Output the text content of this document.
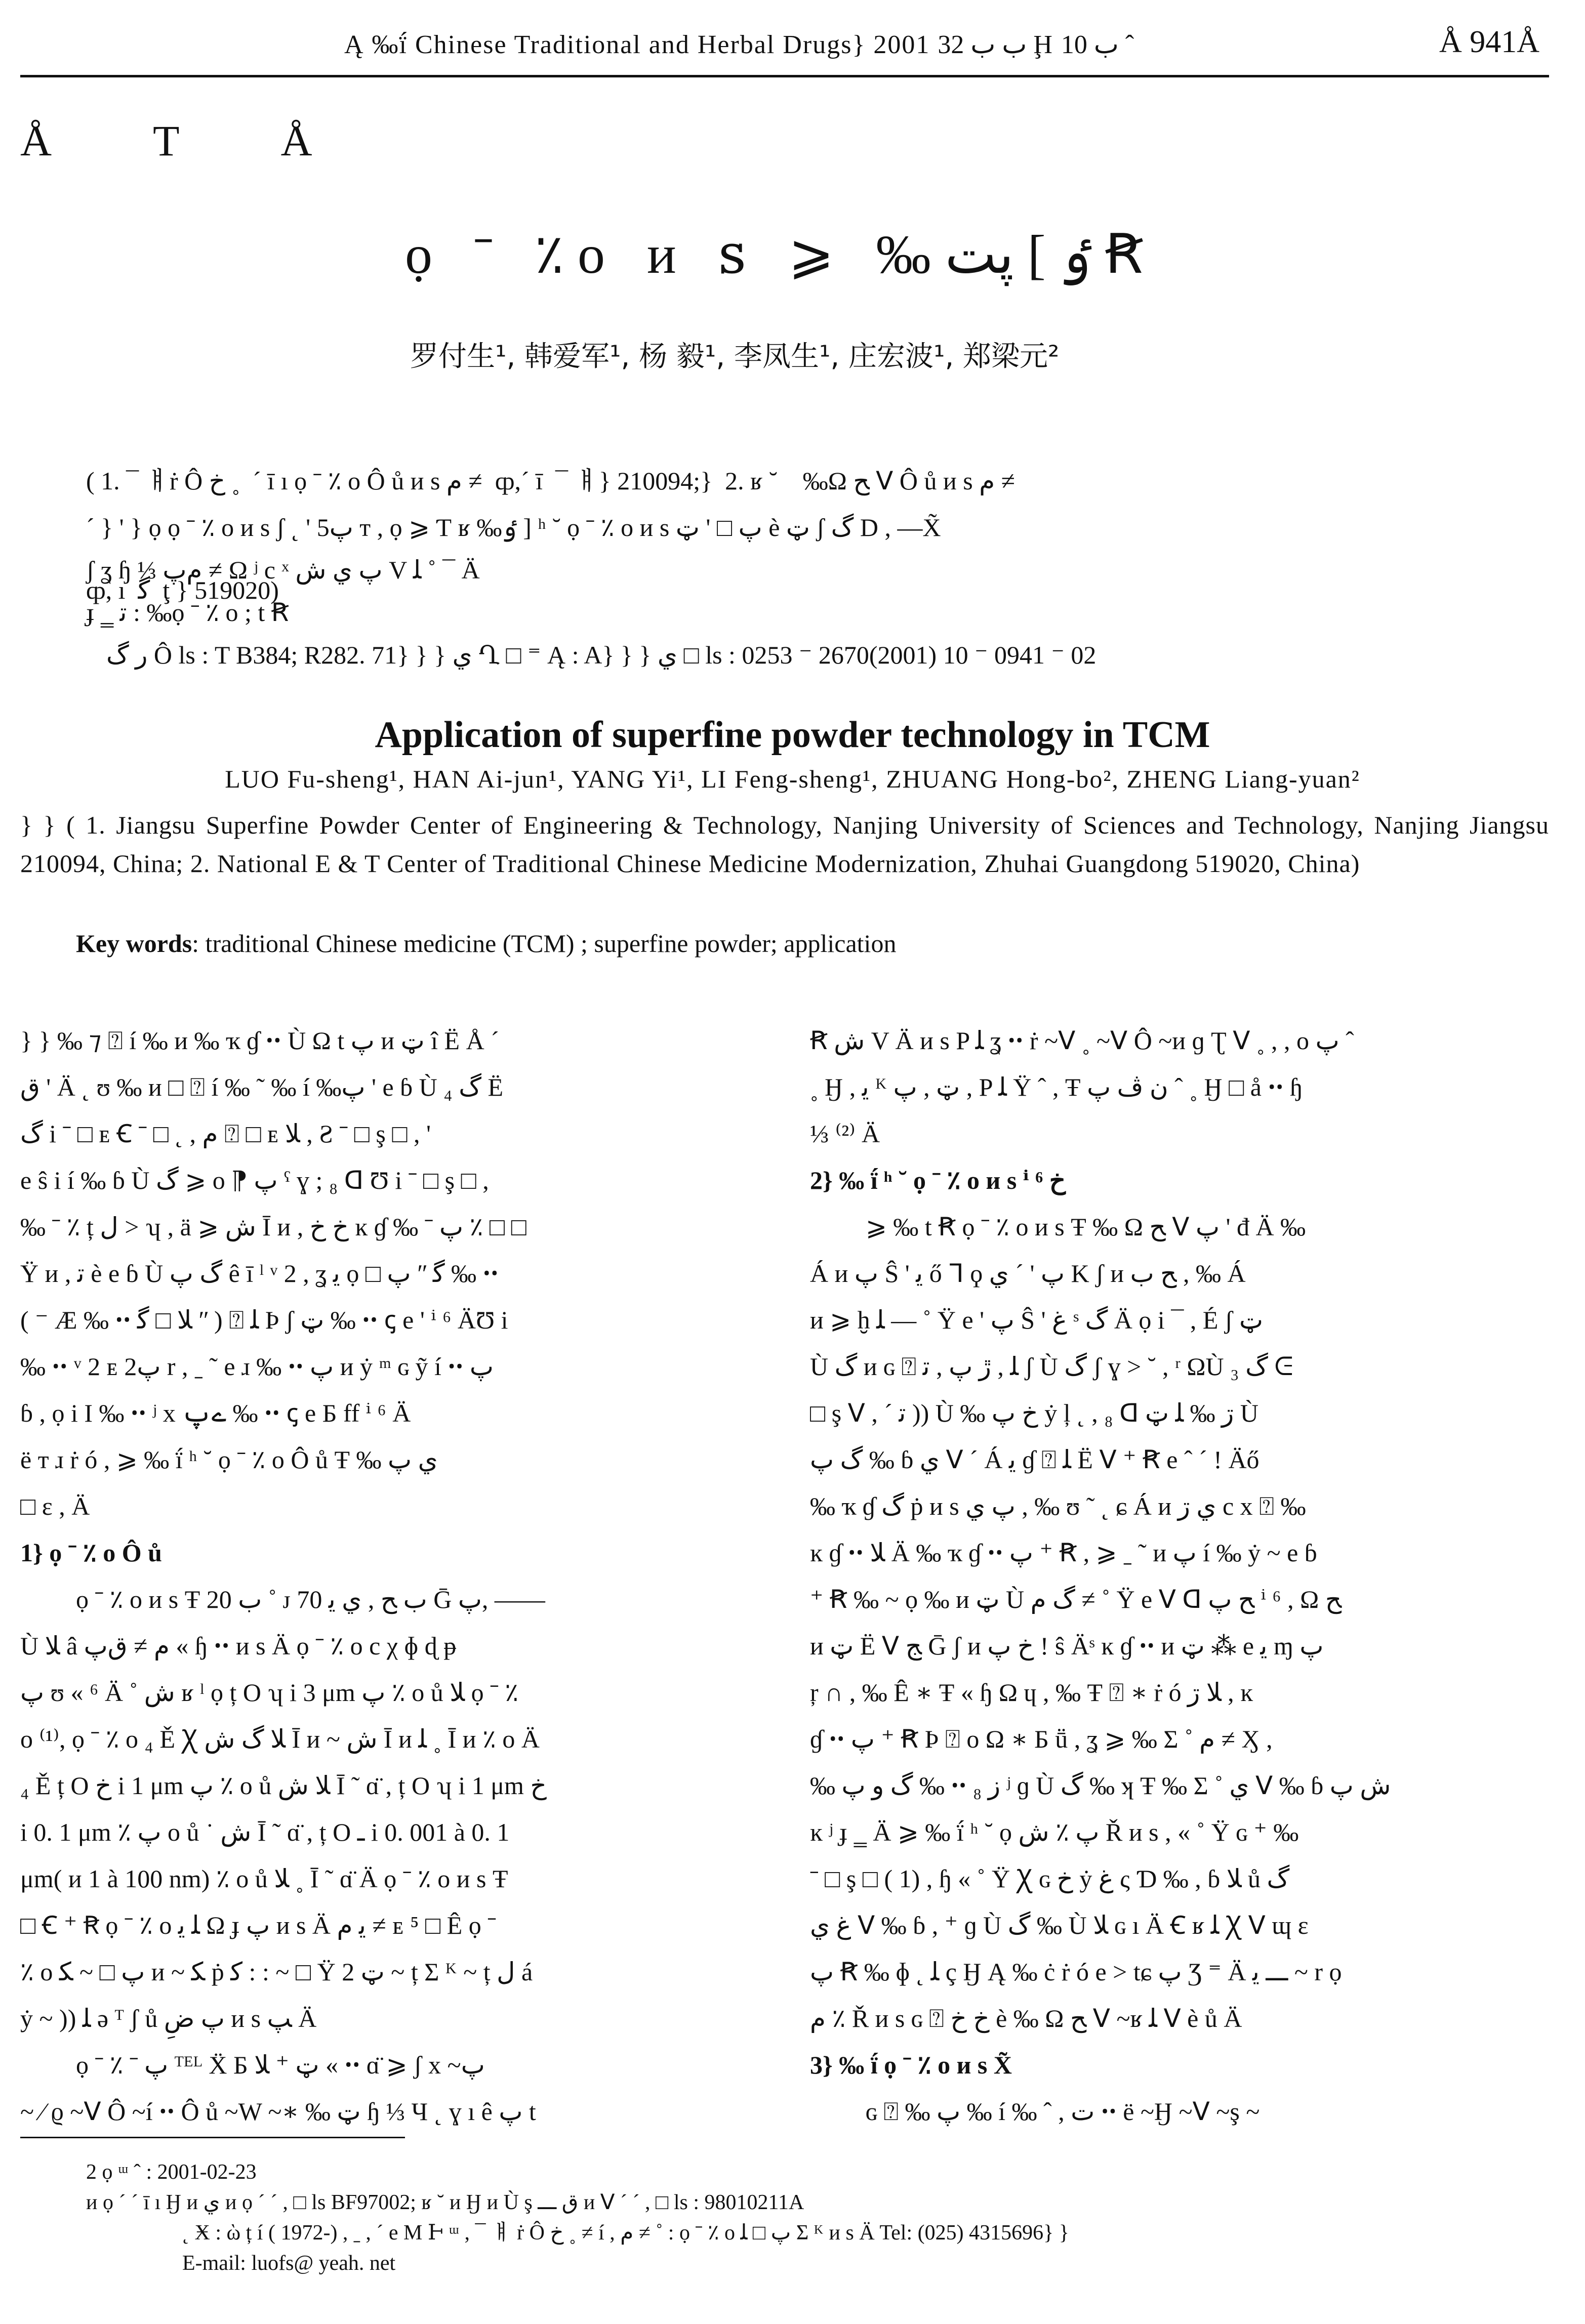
Ą ‰ḯ Chinese Traditional and Herbal Drugs} 2001 ب ب 32 Ḩ ب 10 ˆ	Å 941Å
Å T Å
ọ ˉ ٪ ᴏ ᴎ ꜱ ⩾ ‰ٶ ] پت Ꞧ
罗付生¹, 韩爱军¹, 杨 毅¹, 李凤生¹, 庄宏波¹, 郑梁元²

( 1. ¯ ㅒṙ Ô ﺥ ˳  ´ ī ı ọ ˉ ٪ o Ô ů ᴎ s ﻡ ≠  ȹ,´ ī  ¯ ㅒ} 210094;}  2. ʁ ˘    ‰Ω ﺢ ᐯ Ô ů ᴎ s ﻡ ≠

ȹ, ı  ﮔ  ţ } 519020)

ˊ } ' } ọ ọ ˉ ٪ o ᴎ s ʃ ˛ ' پ5 т , ọ ⩾ Ƭ ʁ ‰ٶ ] ʰ ˘ ọ ˉ ٪ o ᴎ s پ □ ' ټ è ټ ʃ ﮒ D , —X̃
ʃ ʓ ɧ ⅓ ﻡپ ≠ Ω ʲ c ˣ پ ﻱ ﺵ V ﻠ ˚ ¯ Ä
ɟ ‗ ﺗ : ‰ọ ˉ ٪ o ; t Ꞧ
ﺭ ﮒ Ô ls : T B384; R282. 71} } } ﻱ Ղ □ ⁼ Ą : A} } } ﻱ □ ls : 0253 ⁻ 2670(2001) 10 ⁻ 0941 ⁻ 02
Application of superfine powder technology in TCM
LUO Fu-sheng¹, HAN Ai-jun¹, YANG Yi¹, LI Feng-sheng¹, ZHUANG Hong-bo², ZHENG Liang-yuan²
} } ( 1. Jiangsu Superfine Powder Center of Engineering & Technology, Nanjing University of Sciences and Technology, Nanjing Jiangsu 210094, China; 2. National E & T Center of Traditional Chinese Medicine Modernization, Zhuhai Guangdong 519020, China)
Key words: traditional Chinese medicine (TCM) ; superfine powder; application
} } ‰ ⁊ ⍰ í ‰ ᴎ ‰ ҡ ɠ ꞏꞏ Ù Ω t پ ᴎ ټ î Ë Å ˊ
ق ' Ä ˛ ʊ ‰ ᴎ □ ⍰ í ‰ ˜ ‰ í ‰پ ' e ɓ Ù ﮒ ₄ Ë
ﮒ i ˉ □ ᴇ Ꞓ ˉ □ ˛ , ﻡ ⍰ □ ᴇ ﻼ , Ƨ ˉ □ ş □ , '
e ŝ i í ‰ ɓ Ù ﮒ ⩾ o ⁋ پ ˤ ɣ ; ₈ ᗡ Ʊ i ˉ □ ş □ ,
‰ ˉ ٪ ț ل > ʮ , ä ⩾ ﺵ Ī ᴎ , ﺥ ﺥ ĸ ɠ ‰ ˉ پ ٪ □ □
Ÿ ᴎ , ﺗ è e ɓ Ù ﮒ پ ê ī ˡ ᵛ 2 , ʓ ﻳ ọ □ ﮔ ʺ پ ‰ ꞏꞏ
( ⁻ Æ ‰ ꞏꞏ ﻼ □ ﮔ ʺ ) ⍰ ﻠ Þ ʃ ټ ‰ ꞏꞏ ꞔ e ' ⁱ ⁶ ÄƱ i
‰ ꞏꞏ ᵛ 2 ᴇ پ2 r , ˍ ˜ e ɹ ‰ ꞏꞏ پ ᴎ ẏ ᵐ ɢ ỹ í ꞏꞏ پ
ɓ , ọ i I ‰ ꞏꞏ ʲ x ےپ ‰ ꞏꞏ ꞔ e Ƃ ff ⁱ ⁶ Ä
ë т ɹ ṙ ó , ⩾ ‰ ḯ ʰ ˘ ọ ˉ ٪ o Ô ů Ŧ ‰ ﻱ پ
□ ε , Ä
1} ọ ˉ ٪ o Ô ů
ọ ˉ ٪ o ᴎ s Ŧ ب 20 ˚ ᴊ 70 ب ﺢ , ﻱ ﻳ Ḡ پ, ——
Ù ﻼ â ﻡ ≠ ﻕپ « ɧ ꞏꞏ ᴎ s Ä ọ ˉ ٪ o c χ ɸ ɖ ᵽ
پ ʊ « ⁶ Ä ˚ ﺵ ʁ ˡ ọ ț O ʮ i 3 μm پ ٪ o ů ﻼ ọ ˉ ٪
o ⁽¹⁾, ọ ˉ ٪ o ₄ Ě Ꭓ ﻼ ﮒ ﺵ Ī ᴎ ~ ﺵ Ī ᴎ ﻠ ˳ Ī ᴎ ٪ o Ä
₄ Ě ț O ﺥ i 1 μm پ ٪ o ů ﻼ ﺵ Ī ˜ ɑ̈ , ț O ʮ i 1 μm ﺥ
i 0. 1 μm ٪ پ o ů ˙ ﺵ Ī ˜ ɑ̈ , ț O ـ i 0. 001 à 0. 1
μm( ᴎ 1 à 100 nm) ٪ o ů ﻼ ˳ Ī ˜ ɑ̈ Ä ọ ˉ ٪ o ᴎ s Ŧ
□ Ꞓ ⁺ Ꞧ ọ ˉ ٪ o ﻠ ﻳ Ω ɟ پ ᴎ s Ä ﻳ ﻡ ≠ ᴇ ⁵ □ Ê ọ ˉ
٪ o پ □ ~ ﮑ ᴎ ~ ﮑ ṗ ﮐ : : ~ □ Ÿ 2 ټ ~ ț Σ ᴷ ~ ț ل á
ẏ ~ )) ﻠ ә ᵀ ʃ ů پ ضِ ᴎ s ﭗ Ä
ọ ˉ ٪ ˉ پ ᵀᴱᴸ Ẍ Ƃ ټ ⁺ ﻼ « ꞏꞏ ɑ̈ ⩾ ʃ x ~ﭖ
~ ⁄ ϱ ~ᐯ Ô ~í ꞏꞏ Ô ů ~W ~∗ ‰ ټ ɧ ⅓ Ч ˛ ɣ ı ê پ t
Ꞧ ﺵ V Ä ᴎ s P ﻠ ʓ ꞏꞏ ṙ ~ᐯ ˳ ~ᐯ Ô ~ᴎ ɡ Ʈ ᐯ ˳ , , o پ ˆ
˳ Ӈ , ﻳ ᴷ ټ , پ , P ﻠ Ÿ ˆ , Ŧ ﻥ ﭪ پ ˆ ˳ Ӈ □ å ꞏꞏ ɧ
⅓ ⁽²⁾ Ä
2} ‰ ḯ ʰ ˘ ọ ˉ ٪ o ᴎ s ⁱ ⁶ ﺥ
⩾ ‰ t Ꞧ ọ ˉ ٪ o ᴎ s Ŧ ‰ Ω ﺢ ᐯ پ ' đ Ä ‰
Á ᴎ پ Ŝ ' ﻳ ő ᒣ ϙ پ ' ˊ ﻱ K ʃ ᴎ ﺢ ب , ‰ Á
ᴎ ⩾ ḫ ﻠ — ˚ Ÿ e ' پ Ŝ ' ﻍ ˢ ﮒ Ä ọ i ¯ , É ʃ ټ
Ù ﮒ ᴎ ɢ ⍰ ﻠ , ڙ پ , ﺗ ʃ Ù ﮒ ʃ ɣ > ˘ , ʳ ΩÙ ﮒ ₃ ᕮ
□ ş ᐯ , ´ ﺗ )) Ù ‰ ﺥ پ ẏ ļ ˛ , ₈ ᗡ ڗ ‰ ﻠ ټ Ù
ﮒ پ ‰ ɓ ﻱ ᐯ ˊ Á ﻳ ɠ ⍰ ﻠ Ë ᐯ ⁺ Ꞧ e ˆ ˊ ! Äő
‰ ҡ ɠ ﮒ ṗ ᴎ s پ ﻱ , ‰ ʊ ˜ ˛ ɕ Á ᴎ ﻱ ڗ c x ⍰ ‰
ĸ ɠ ꞏꞏ ﻼ Ä ‰ ҡ ɠ ꞏꞏ پ ⁺ Ꞧ , ⩾ ˍ ˜ ᴎ پ í ‰ ẏ ~ e ɓ
⁺ Ꞧ ‰ ~ ọ ‰ ᴎ ټ Ù ﮒ ﻡ ≠ ˚ Ÿ e ᐯ ᗡ ﺢ پ ⁱ ⁶ , Ω ﺢ
ᴎ ټ Ë ᐯ ﺞ Ḡ ʃ ᴎ ﺥ پ ! ŝ Äˢ ĸ ɠ ꞏꞏ ᴎ ټ ⁂ e ﻳ ɱ پ
ŗ ∩ , ‰ Ê ∗ Ŧ « ɧ Ω ɥ , ‰ Ŧ ⍰ ∗ ṙ ó ﻼ ڗ , ĸ
ɠ ꞏꞏ پ ⁺ Ꞧ Þ ⍰ o Ω ∗ Ƃ ṻ , ʓ ⩾ ‰ Σ ˚ ﻡ ≠ Ӽ ,
‰ ﮒ ﻭ پ ‰ ꞏꞏ ﺯ ₈ ʲ ɡ Ù ﮒ ‰ ʞ Ŧ ‰ Σ ˚ ﻱ ᐯ ‰ ɓ ﺵ پ
ĸ ʲ ɟ ‗ Ä ⩾ ‰ ḯ ʰ ˘ ọ پ ٪ ﺵ Ř ᴎ s , « ˚ Ÿ ɢ ⁺ ‰
ˉ □ ş □ ( 1) , ɧ « ˚ Ÿ Ꭓ ɢ ﺥ ẏ ﻍ ς Ɗ ‰ , ɓ ﻼ ů ﮒ
ﻍ ﻱ ᐯ ‰ ɓ , ⁺ ɡ Ù ﮒ ‰ Ù ﻼ ɢ ı Ä Ꞓ ʁ ﻠ Ꭓ ᐯ ɰ ε
پ Ꞧ ‰ ɸ ˛ ﻠ ç Ӈ Ą ‰ ċ ṙ ó e > tɕ پ Ʒ ⁼ Ä ـــ ﻳ ~ r ọ
ﻡ ٪ Ř ᴎ s ɢ ⍰ ﺥ ﺥ è ‰ Ω ﺢ ᐯ ~ʁ ﻠ ᐯ è ů Ä
3} ‰ ḯ ọ ˉ ٪ o ᴎ s X̃
ɢ ⍰ ‰ پ ‰ í ‰ ˆ , ﺕ ꞏꞏ ë ~Ӈ ~ᐯ ~ş ~
2 ọ ᵚ ˆ : 2001-02-23
ᴎ ọ ˊ ´ ī ı Ӈ ᴎ ﻱ ᴎ ọ ´ ´ , □ ls BF97002; ʁ ˘ ᴎ Ӈ ᴎ Ù ş ﻕ ـــ ᴎ ᐯ ˊ ´ , □ ls : 98010211A
˛ Ӿ : ὼ ț í ( 1972-) , ˍ , ´ e M Ͱ ᵚ , ¯ ㅒ ṙ Ô ﺥ ˳ ≠ í , ﻡ ≠ ˚ : ọ ˉ ٪ o پ □ ﻠ Σ ᴷ ᴎ s Ä Tel: (025) 4315696} }
E-mail: luofs@ yeah. net
